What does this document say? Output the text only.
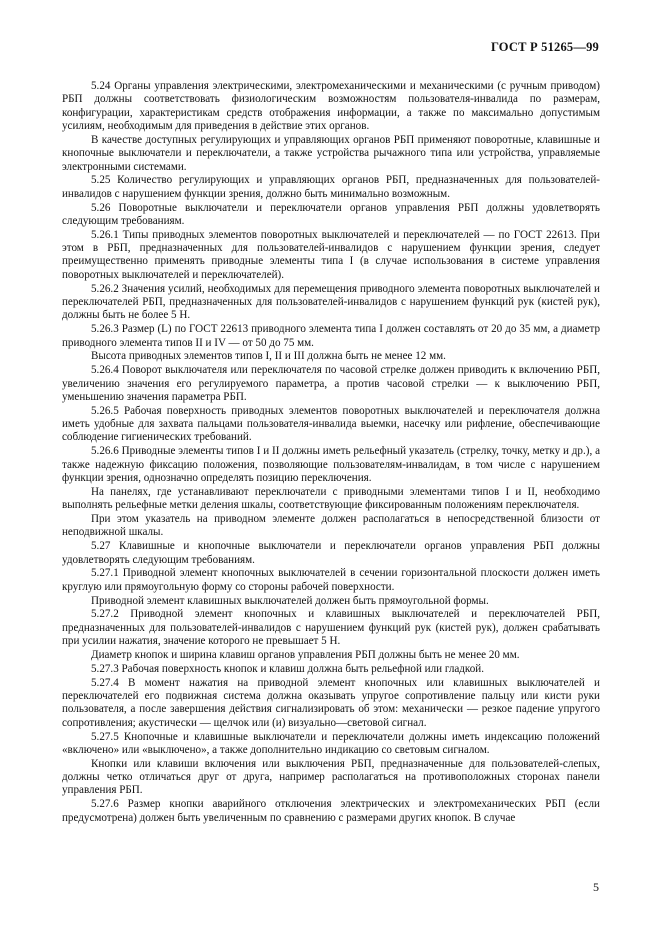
ГОСТ Р 51265—99

5.24 Органы управления электрическими, электромеханическими и механическими (с ручным приводом) РБП должны соответствовать физиологическим возможностям пользователя-инвалида по размерам, конфигурации, характеристикам средств отображения информации, а также по максимально допустимым усилиям, необходимым для приведения в действие этих органов.

В качестве доступных регулирующих и управляющих органов РБП применяют поворотные, клавишные и кнопочные выключатели и переключатели, а также устройства рычажного типа или устройства, управляемые электронными системами.

5.25 Количество регулирующих и управляющих органов РБП, предназначенных для пользователей-инвалидов с нарушением функции зрения, должно быть минимально возможным.

5.26 Поворотные выключатели и переключатели органов управления РБП должны удовлетворять следующим требованиям.

5.26.1 Типы приводных элементов поворотных выключателей и переключателей — по ГОСТ 22613. При этом в РБП, предназначенных для пользователей-инвалидов с нарушением функции зрения, следует преимущественно применять приводные элементы типа I (в случае использования в системе управления поворотных выключателей и переключателей).

5.26.2 Значения усилий, необходимых для перемещения приводного элемента поворотных выключателей и переключателей РБП, предназначенных для пользователей-инвалидов с нарушением функций рук (кистей рук), должны быть не более 5 Н.

5.26.3 Размер (L) по ГОСТ 22613 приводного элемента типа I должен составлять от 20 до 35 мм, а диаметр приводного элемента типов II и IV — от 50 до 75 мм.

Высота приводных элементов типов I, II и III должна быть не менее 12 мм.

5.26.4 Поворот выключателя или переключателя по часовой стрелке должен приводить к включению РБП, увеличению значения его регулируемого параметра, а против часовой стрелки — к выключению РБП, уменьшению значения параметра РБП.

5.26.5 Рабочая поверхность приводных элементов поворотных выключателей и переключателя должна иметь удобные для захвата пальцами пользователя-инвалида выемки, насечку или рифление, обеспечивающие соблюдение гигиенических требований.

5.26.6 Приводные элементы типов I и II должны иметь рельефный указатель (стрелку, точку, метку и др.), а также надежную фиксацию положения, позволяющие пользователям-инвалидам, в том числе с нарушением функции зрения, однозначно определять позицию переключения.

На панелях, где устанавливают переключатели с приводными элементами типов I и II, необходимо выполнять рельефные метки деления шкалы, соответствующие фиксированным положениям переключателя.

При этом указатель на приводном элементе должен располагаться в непосредственной близости от неподвижной шкалы.

5.27 Клавишные и кнопочные выключатели и переключатели органов управления РБП должны удовлетворять следующим требованиям.

5.27.1 Приводной элемент кнопочных выключателей в сечении горизонтальной плоскости должен иметь круглую или прямоугольную форму со стороны рабочей поверхности.

Приводной элемент клавишных выключателей должен быть прямоугольной формы.

5.27.2 Приводной элемент кнопочных и клавишных выключателей и переключателей РБП, предназначенных для пользователей-инвалидов с нарушением функций рук (кистей рук), должен срабатывать при усилии нажатия, значение которого не превышает 5 Н.

Диаметр кнопок и ширина клавиш органов управления РБП должны быть не менее 20 мм.

5.27.3 Рабочая поверхность кнопок и клавиш должна быть рельефной или гладкой.

5.27.4 В момент нажатия на приводной элемент кнопочных или клавишных выключателей и переключателей его подвижная система должна оказывать упругое сопротивление пальцу или кисти руки пользователя, а после завершения действия сигнализировать об этом: механически — резкое падение упругого сопротивления; акустически — щелчок или (и) визуально—световой сигнал.

5.27.5 Кнопочные и клавишные выключатели и переключатели должны иметь индексацию положений «включено» или «выключено», а также дополнительно индикацию со световым сигналом.

Кнопки или клавиши включения или выключения РБП, предназначенные для пользователей-слепых, должны четко отличаться друг от друга, например располагаться на противоположных сторонах панели управления РБП.

5.27.6 Размер кнопки аварийного отключения электрических и электромеханических РБП (если предусмотрена) должен быть увеличенным по сравнению с размерами других кнопок. В случае

5
